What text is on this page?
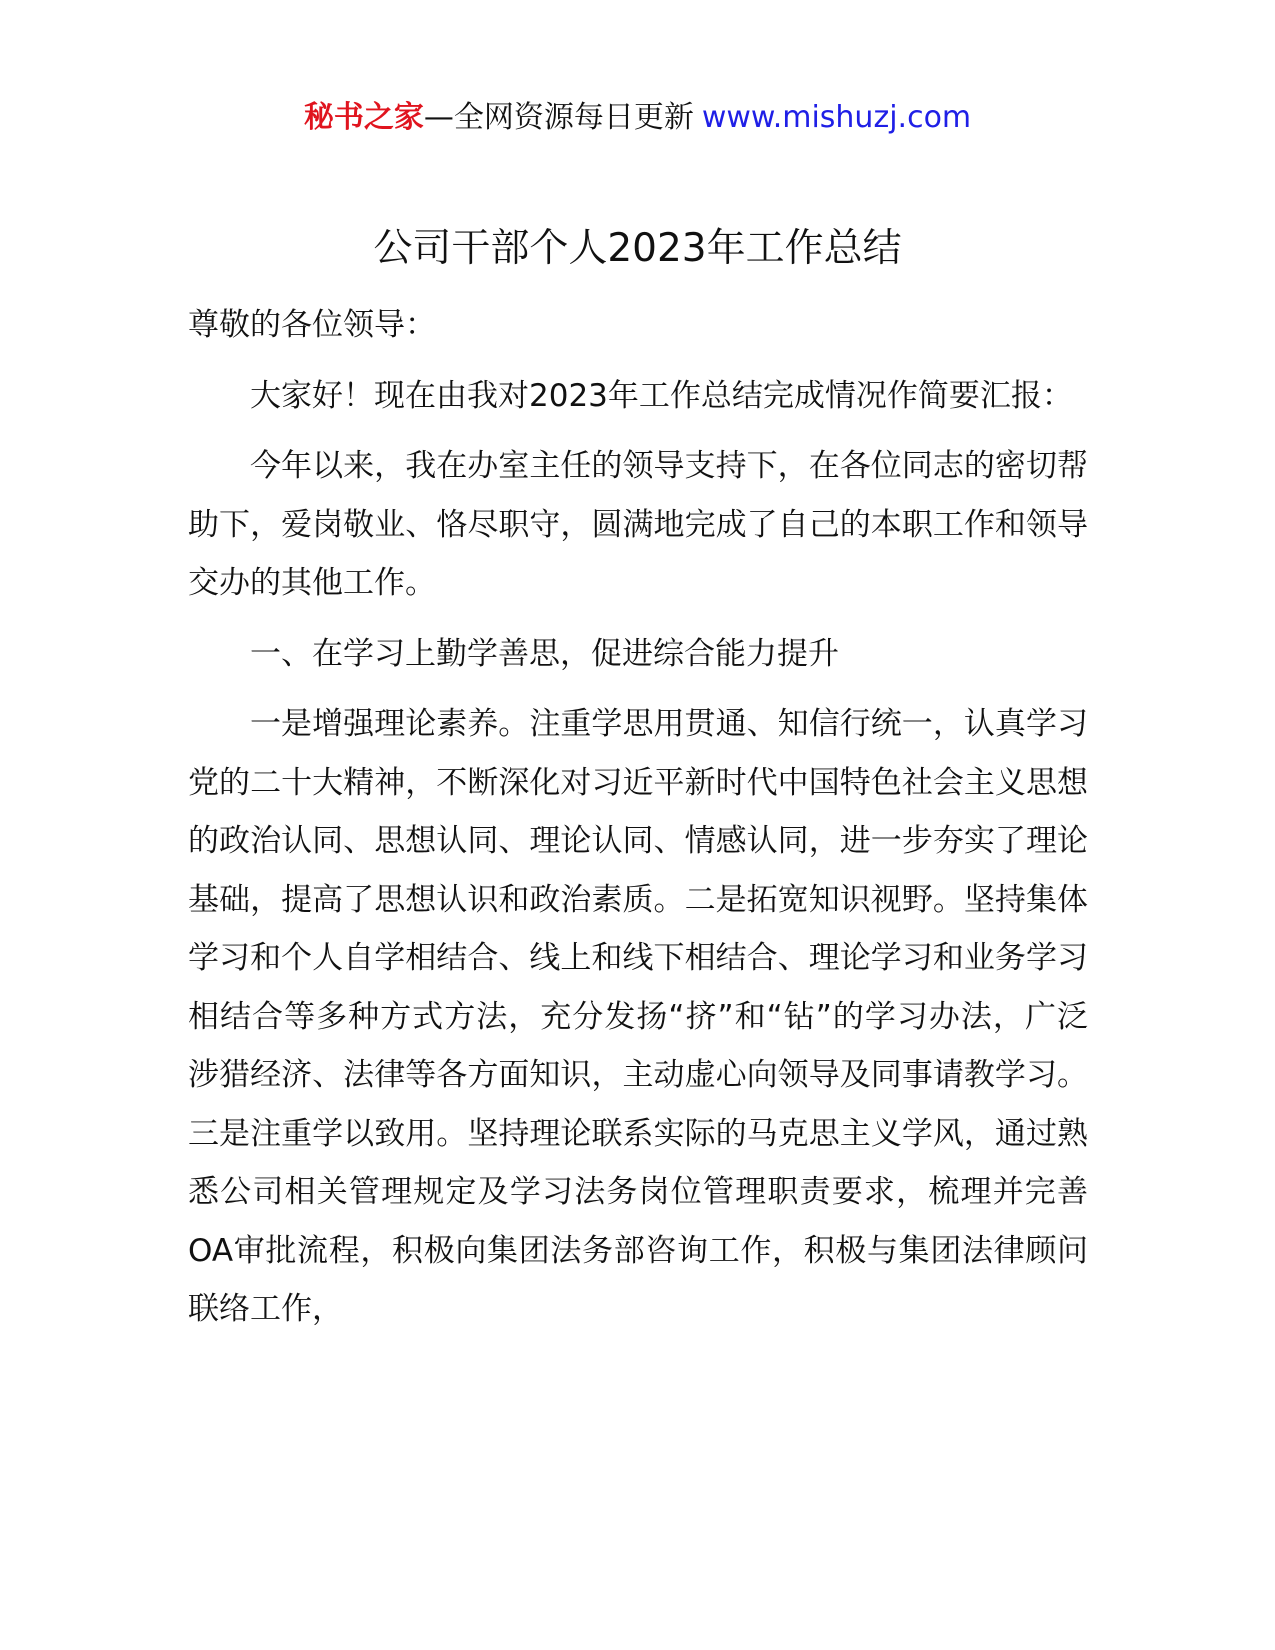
秘书之家—全网资源每日更新 www.mishuzj.com
公司干部个人2023年工作总结

尊敬的各位领导：

大家好！现在由我对2023年工作总结完成情况作简要汇报：

今年以来，我在办室主任的领导支持下，在各位同志的密切帮助下，爱岗敬业、恪尽职守，圆满地完成了自己的本职工作和领导交办的其他工作。

一、在学习上勤学善思，促进综合能力提升

一是增强理论素养。注重学思用贯通、知信行统一，认真学习党的二十大精神，不断深化对习近平新时代中国特色社会主义思想的政治认同、思想认同、理论认同、情感认同，进一步夯实了理论基础，提高了思想认识和政治素质。二是拓宽知识视野。坚持集体学习和个人自学相结合、线上和线下相结合、理论学习和业务学习相结合等多种方式方法，充分发扬“挤”和“钻”的学习办法，广泛涉猎经济、法律等各方面知识，主动虚心向领导及同事请教学习。三是注重学以致用。坚持理论联系实际的马克思主义学风，通过熟悉公司相关管理规定及学习法务岗位管理职责要求，梳理并完善OA审批流程，积极向集团法务部咨询工作，积极与集团法律顾问联络工作，
